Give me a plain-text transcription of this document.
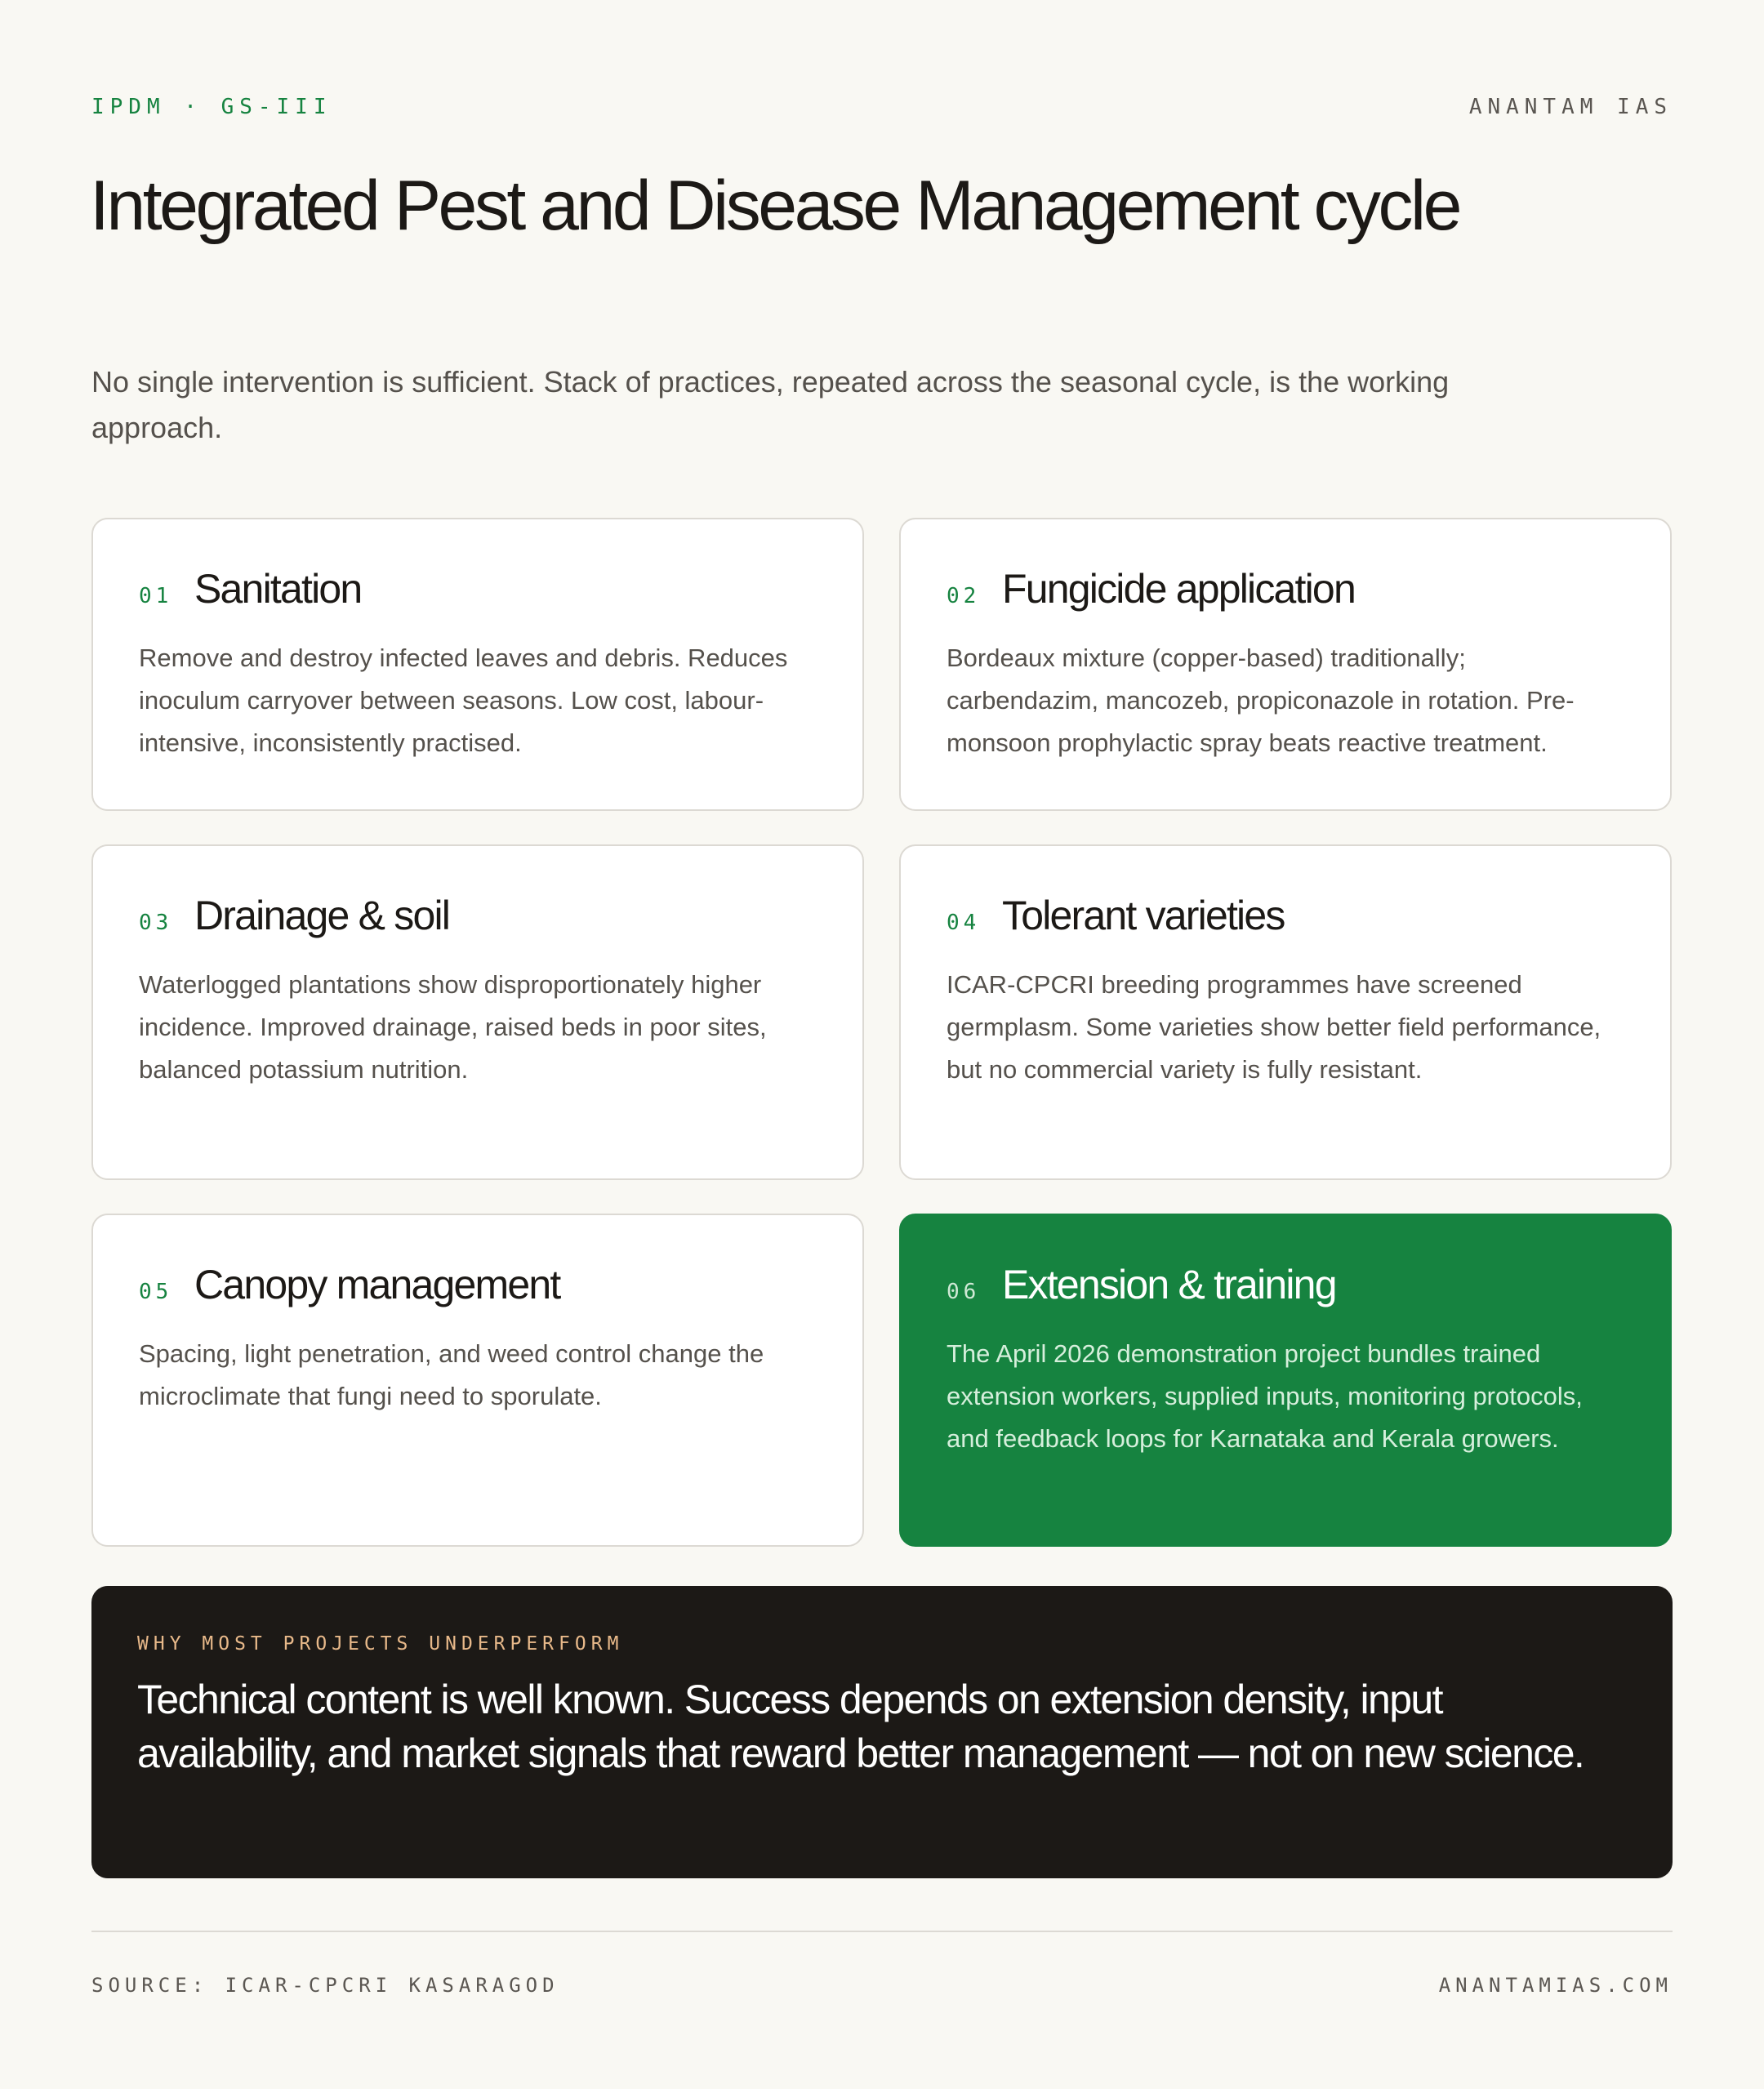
IPDM · GS-III	ANANTAM IAS
Integrated Pest and Disease Management cycle

No single intervention is sufficient. Stack of practices, repeated across the seasonal cycle, is the working approach.

01 Sanitation

Remove and destroy infected leaves and debris. Reduces inoculum carryover between seasons. Low cost, labour-intensive, inconsistently practised.

02 Fungicide application

Bordeaux mixture (copper-based) traditionally; carbendazim, mancozeb, propiconazole in rotation. Pre-monsoon prophylactic spray beats reactive treatment.

03 Drainage & soil

Waterlogged plantations show disproportionately higher incidence. Improved drainage, raised beds in poor sites, balanced potassium nutrition.

04 Tolerant varieties

ICAR-CPCRI breeding programmes have screened germplasm. Some varieties show better field performance, but no commercial variety is fully resistant.

05 Canopy management

Spacing, light penetration, and weed control change the microclimate that fungi need to sporulate.

06 Extension & training

The April 2026 demonstration project bundles trained extension workers, supplied inputs, monitoring protocols, and feedback loops for Karnataka and Kerala growers.

WHY MOST PROJECTS UNDERPERFORM

Technical content is well known. Success depends on extension density, input availability, and market signals that reward better management — not on new science.

SOURCE: ICAR-CPCRI KASARAGOD	ANANTAMIAS.COM
